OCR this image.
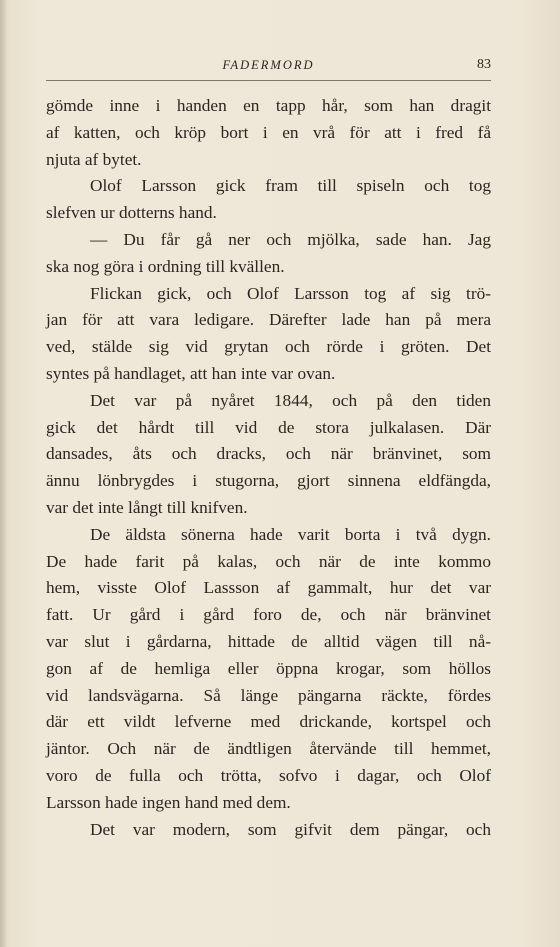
FADERMORD	83
gömde inne i handen en tapp hår, som han dragit
af katten, och kröp bort i en vrå för att i fred få
njuta af bytet.
Olof Larsson gick fram till spiseln och tog
slefven ur dotterns hand.
— Du får gå ner och mjölka, sade han. Jag
ska nog göra i ordning till kvällen.
Flickan gick, och Olof Larsson tog af sig trö-
jan för att vara ledigare. Därefter lade han på mera
ved, stälde sig vid grytan och rörde i gröten. Det
syntes på handlaget, att han inte var ovan.
Det var på nyåret 1844, och på den tiden
gick det hårdt till vid de stora julkalasen. Där
dansades, åts och dracks, och när bränvinet, som
ännu lönbrygdes i stugorna, gjort sinnena eldfängda,
var det inte långt till knifven.
De äldsta sönerna hade varit borta i två dygn.
De hade farit på kalas, och när de inte kommo
hem, visste Olof Lassson af gammalt, hur det var
fatt. Ur gård i gård foro de, och när bränvinet
var slut i gårdarna, hittade de alltid vägen till nå-
gon af de hemliga eller öppna krogar, som höllos
vid landsvägarna. Så länge pängarna räckte, fördes
där ett vildt lefverne med drickande, kortspel och
jäntor. Och när de ändtligen återvände till hemmet,
voro de fulla och trötta, sofvo i dagar, och Olof
Larsson hade ingen hand med dem.
Det var modern, som gifvit dem pängar, och
